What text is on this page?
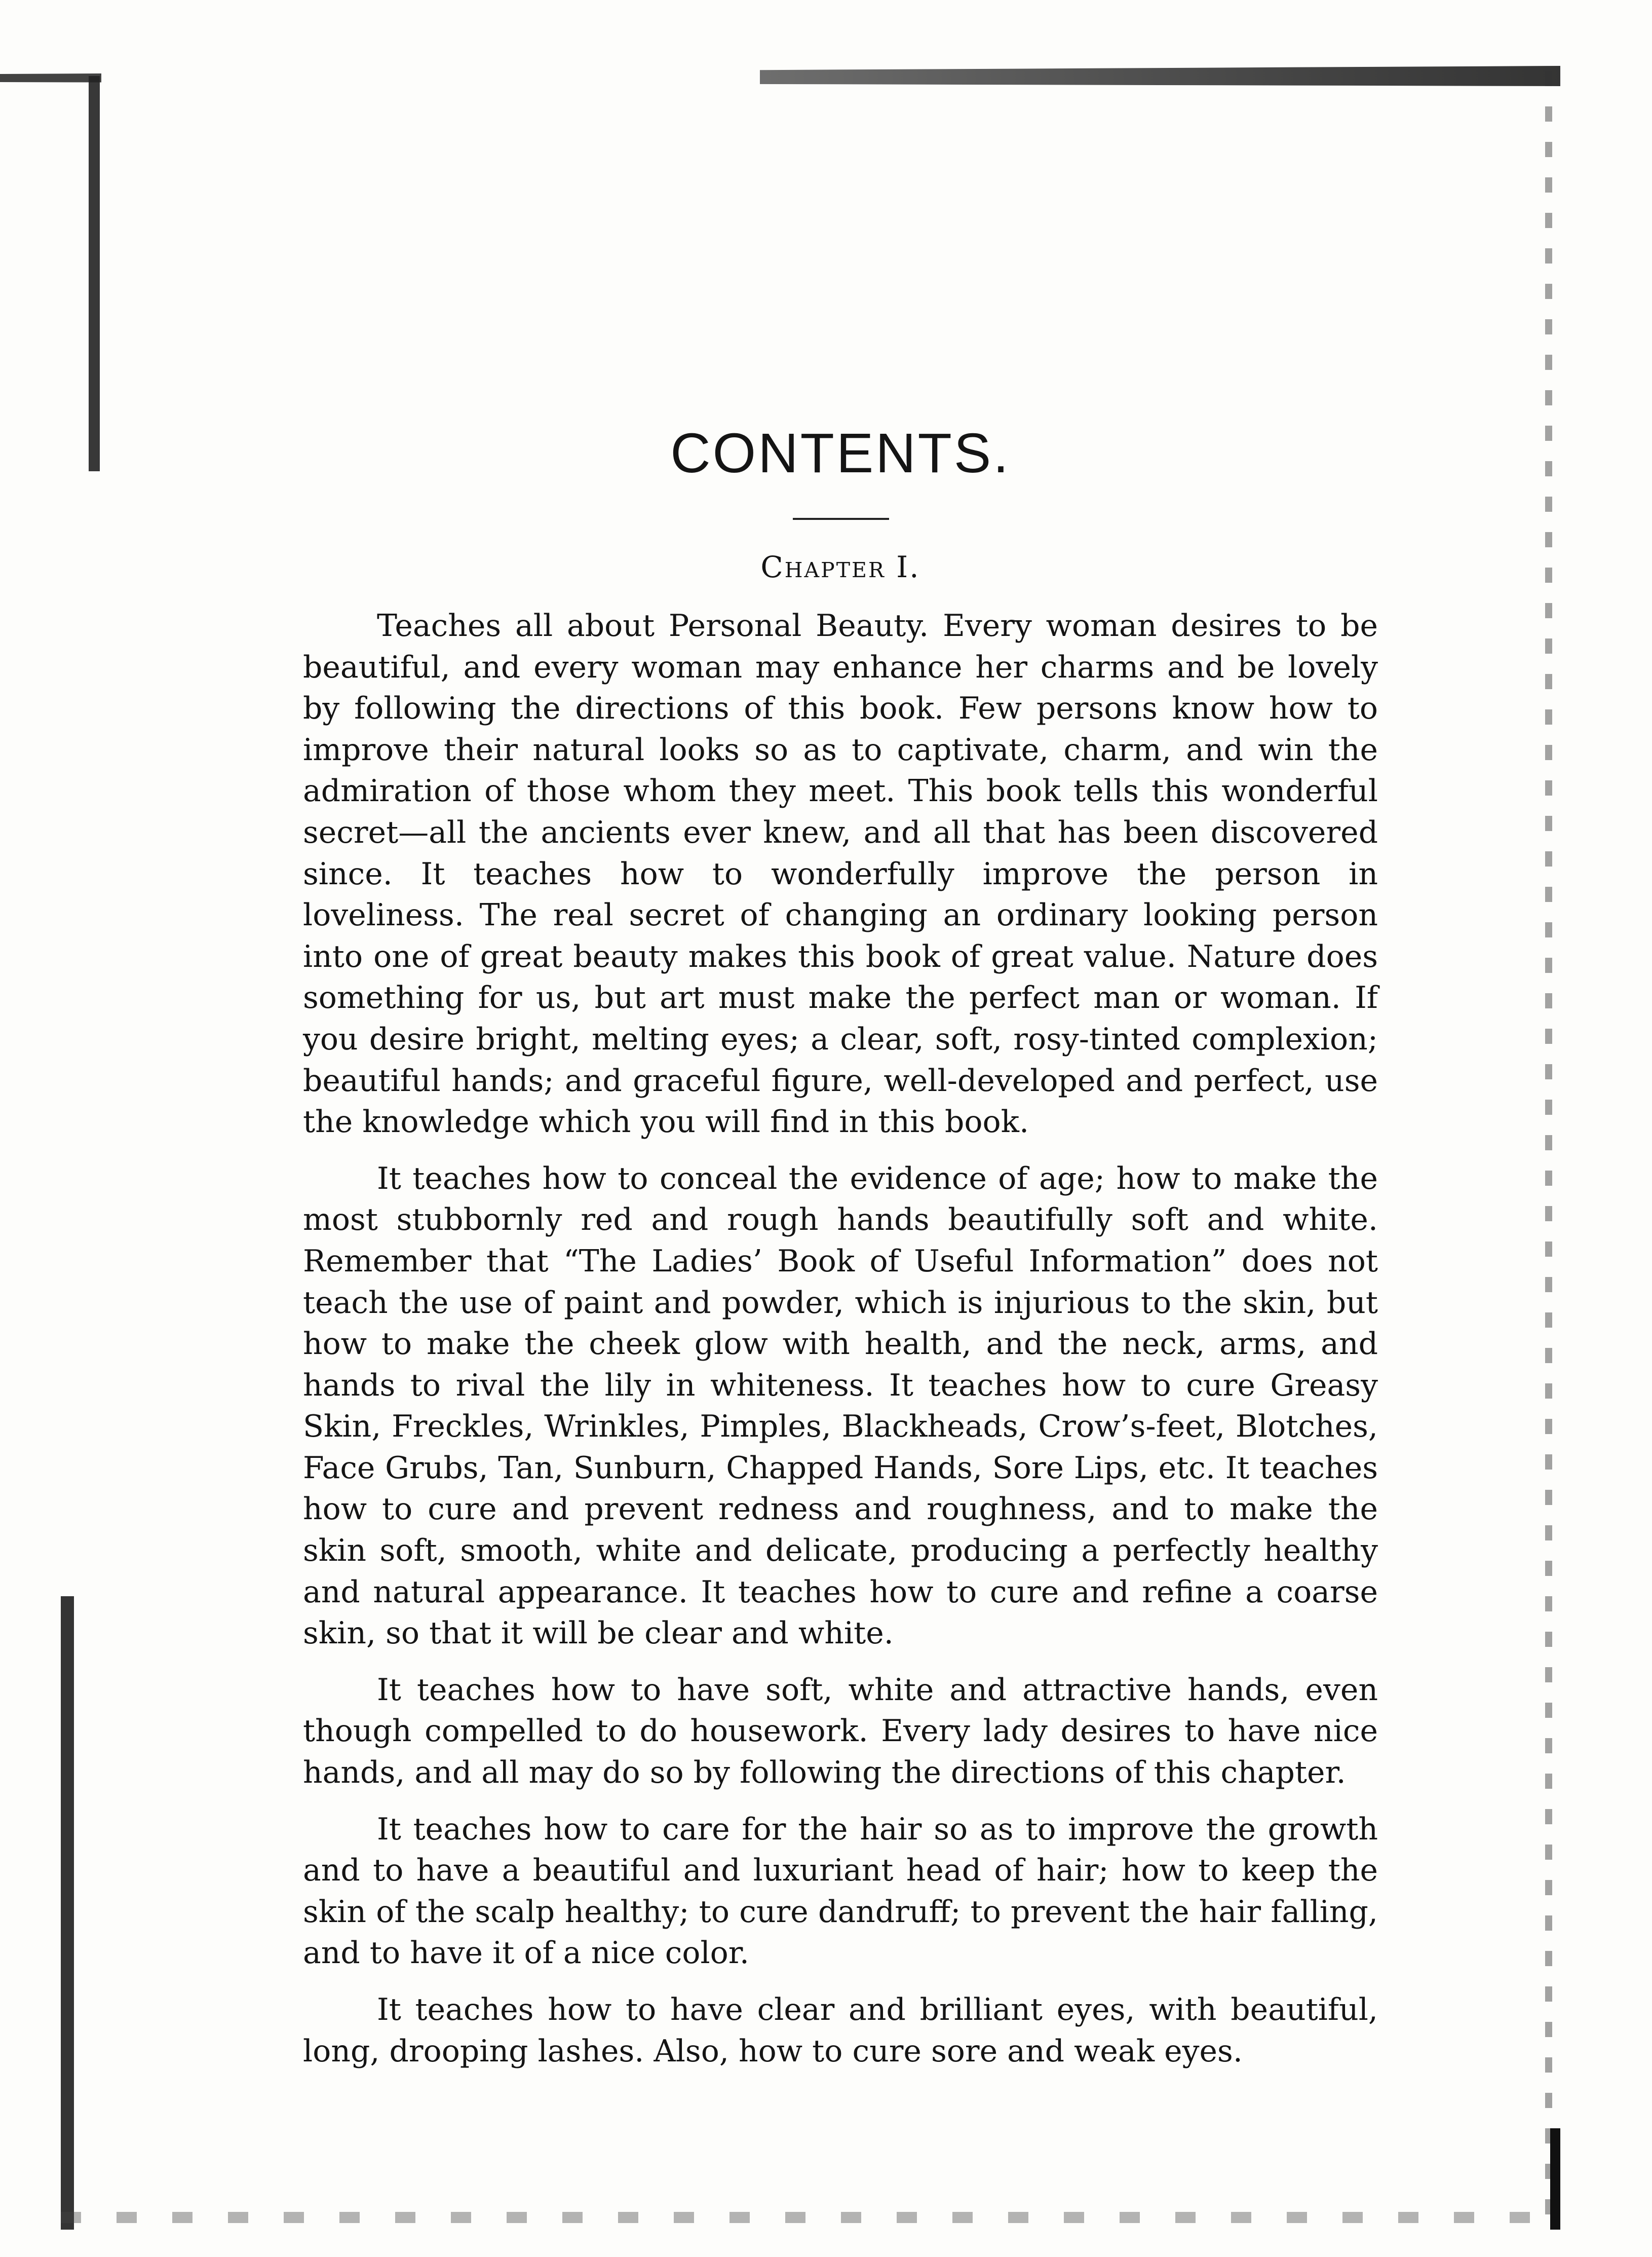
CONTENTS.
Chapter I.

Teaches all about Personal Beauty. Every woman desires to be beautiful, and every woman may enhance her charms and be lovely by following the directions of this book. Few persons know how to improve their natural looks so as to captivate, charm, and win the admiration of those whom they meet. This book tells this wonderful secret—all the ancients ever knew, and all that has been discovered since. It teaches how to wonderfully improve the person in loveliness. The real secret of changing an ordinary looking person into one of great beauty makes this book of great value. Nature does something for us, but art must make the perfect man or woman. If you desire bright, melting eyes; a clear, soft, rosy-tinted complexion; beautiful hands; and graceful figure, well-developed and perfect, use the knowledge which you will find in this book.

It teaches how to conceal the evidence of age; how to make the most stubbornly red and rough hands beautifully soft and white. Remember that “The Ladies’ Book of Useful Information” does not teach the use of paint and powder, which is injurious to the skin, but how to make the cheek glow with health, and the neck, arms, and hands to rival the lily in whiteness. It teaches how to cure Greasy Skin, Freckles, Wrinkles, Pimples, Blackheads, Crow’s-feet, Blotches, Face Grubs, Tan, Sunburn, Chapped Hands, Sore Lips, etc. It teaches how to cure and prevent redness and roughness, and to make the skin soft, smooth, white and delicate, producing a perfectly healthy and natural appearance. It teaches how to cure and refine a coarse skin, so that it will be clear and white.

It teaches how to have soft, white and attractive hands, even though compelled to do housework. Every lady desires to have nice hands, and all may do so by following the directions of this chapter.

It teaches how to care for the hair so as to improve the growth and to have a beautiful and luxuriant head of hair; how to keep the skin of the scalp healthy; to cure dandruff; to prevent the hair falling, and to have it of a nice color.

It teaches how to have clear and brilliant eyes, with beautiful, long, drooping lashes. Also, how to cure sore and weak eyes.
